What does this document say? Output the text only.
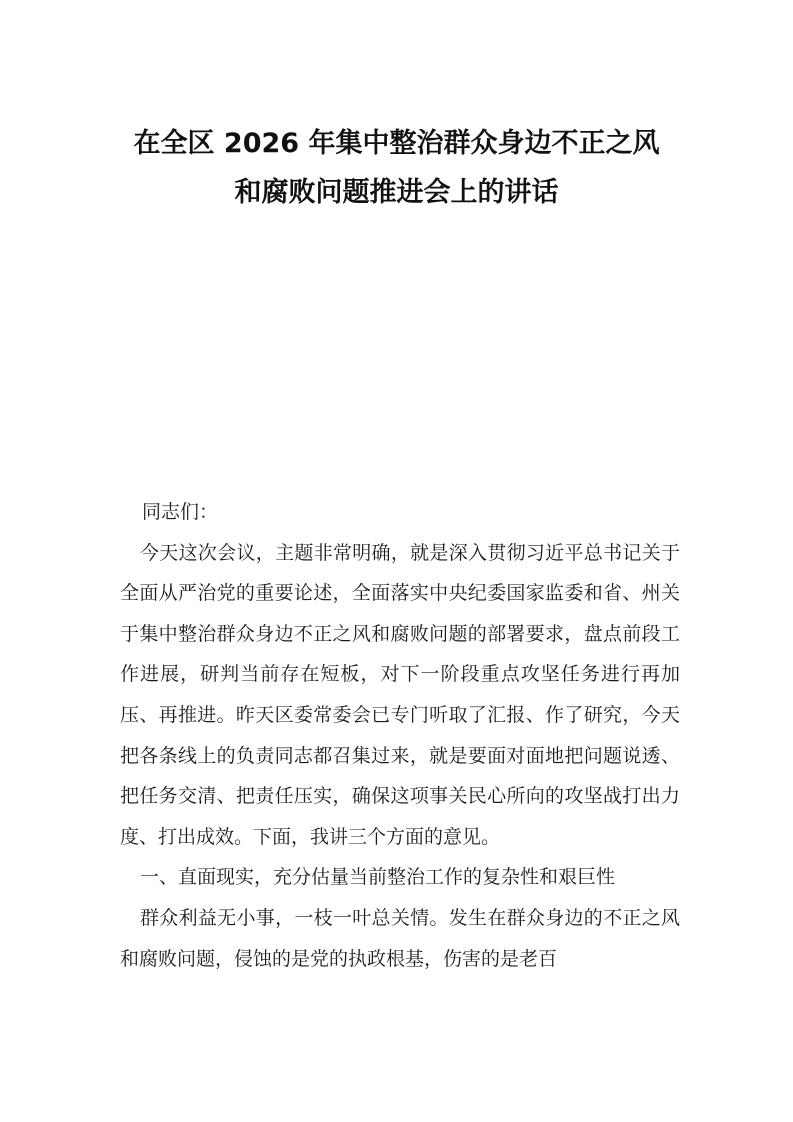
在全区 2026 年集中整治群众身边不正之风
和腐败问题推进会上的讲话

同志们：

今天这次会议，主题非常明确，就是深入贯彻习近平总书记关于全面从严治党的重要论述，全面落实中央纪委国家监委和省、州关于集中整治群众身边不正之风和腐败问题的部署要求，盘点前段工作进展，研判当前存在短板，对下一阶段重点攻坚任务进行再加压、再推进。昨天区委常委会已专门听取了汇报、作了研究，今天把各条线上的负责同志都召集过来，就是要面对面地把问题说透、把任务交清、把责任压实，确保这项事关民心所向的攻坚战打出力度、打出成效。下面，我讲三个方面的意见。

一、直面现实，充分估量当前整治工作的复杂性和艰巨性

群众利益无小事，一枝一叶总关情。发生在群众身边的不正之风和腐败问题，侵蚀的是党的执政根基，伤害的是老百
